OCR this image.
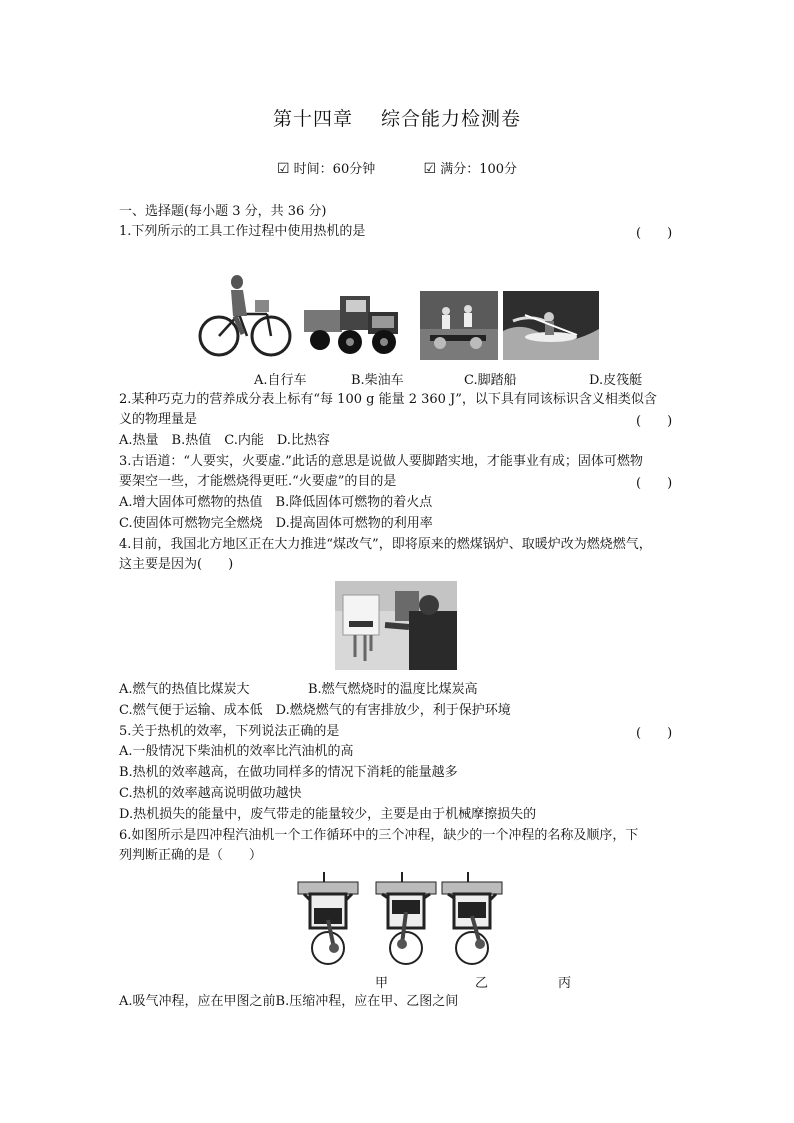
第十四章 综合能力检测卷
☑ 时间：60分钟	☑ 满分：100分
一、选择题(每小题 3 分，共 36 分)
1.下列所示的工具工作过程中使用热机的是	(　　)
A.自行车	B.柴油车	C.脚踏船	D.皮筏艇
2.某种巧克力的营养成分表上标有“每 100 g 能量 2 360 J”，以下具有同该标识含义相类似含
义的物理量是	(　　)
A.热量　B.热值　C.内能　D.比热容
3.古语道：“人要实，火要虚.”此话的意思是说做人要脚踏实地，才能事业有成；固体可燃物
要架空一些，才能燃烧得更旺.“火要虚”的目的是	(　　)
A.增大固体可燃物的热值　B.降低固体可燃物的着火点
C.使固体可燃物完全燃烧　D.提高固体可燃物的利用率
4.目前，我国北方地区正在大力推进“煤改气”，即将原来的燃煤锅炉、取暖炉改为燃烧燃气，
这主要是因为(　　)
A.燃气的热值比煤炭大	B.燃气燃烧时的温度比煤炭高
C.燃气便于运输、成本低　D.燃烧燃气的有害排放少，利于保护环境
5.关于热机的效率，下列说法正确的是	(　　)
A.一般情况下柴油机的效率比汽油机的高
B.热机的效率越高，在做功同样多的情况下消耗的能量越多
C.热机的效率越高说明做功越快
D.热机损失的能量中，废气带走的能量较少，主要是由于机械摩擦损失的
6.如图所示是四冲程汽油机一个工作循环中的三个冲程，缺少的一个冲程的名称及顺序，下
列判断正确的是（　　）
甲	乙	丙
A.吸气冲程，应在甲图之前B.压缩冲程，应在甲、乙图之间
